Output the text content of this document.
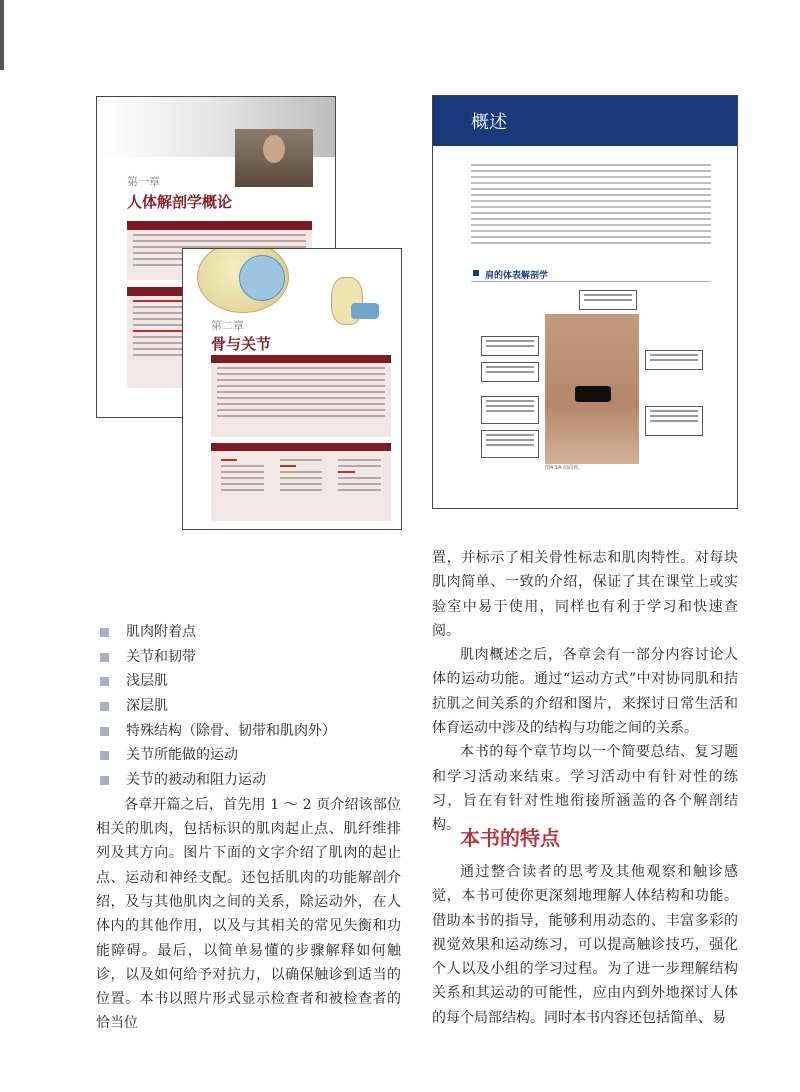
第一章
人体解剖学概论
第二章
骨与关节
概述
肩的体表解剖学
图4.1A 前面观。
肌肉附着点
关节和韧带
浅层肌
深层肌
特殊结构（除骨、韧带和肌肉外）
关节所能做的运动
关节的被动和阻力运动

各章开篇之后，首先用 1 ～ 2 页介绍该部位相关的肌肉，包括标识的肌肉起止点、肌纤维排列及其方向。图片下面的文字介绍了肌肉的起止点、运动和神经支配。还包括肌肉的功能解剖介绍，及与其他肌肉之间的关系，除运动外，在人体内的其他作用，以及与其相关的常见失衡和功能障碍。最后，以简单易懂的步骤解释如何触诊，以及如何给予对抗力，以确保触诊到适当的位置。本书以照片形式显示检查者和被检查者的恰当位

置，并标示了相关骨性标志和肌肉特性。对每块肌肉简单、一致的介绍，保证了其在课堂上或实验室中易于使用，同样也有利于学习和快速查阅。

肌肉概述之后，各章会有一部分内容讨论人体的运动功能。通过“运动方式”中对协同肌和拮抗肌之间关系的介绍和图片，来探讨日常生活和体育运动中涉及的结构与功能之间的关系。

本书的每个章节均以一个简要总结、复习题和学习活动来结束。学习活动中有针对性的练习，旨在有针对性地衔接所涵盖的各个解剖结构。

本书的特点

通过整合读者的思考及其他观察和触诊感觉，本书可使你更深刻地理解人体结构和功能。借助本书的指导，能够利用动态的、丰富多彩的视觉效果和运动练习，可以提高触诊技巧，强化个人以及小组的学习过程。为了进一步理解结构关系和其运动的可能性，应由内到外地探讨人体的每个局部结构。同时本书内容还包括简单、易
